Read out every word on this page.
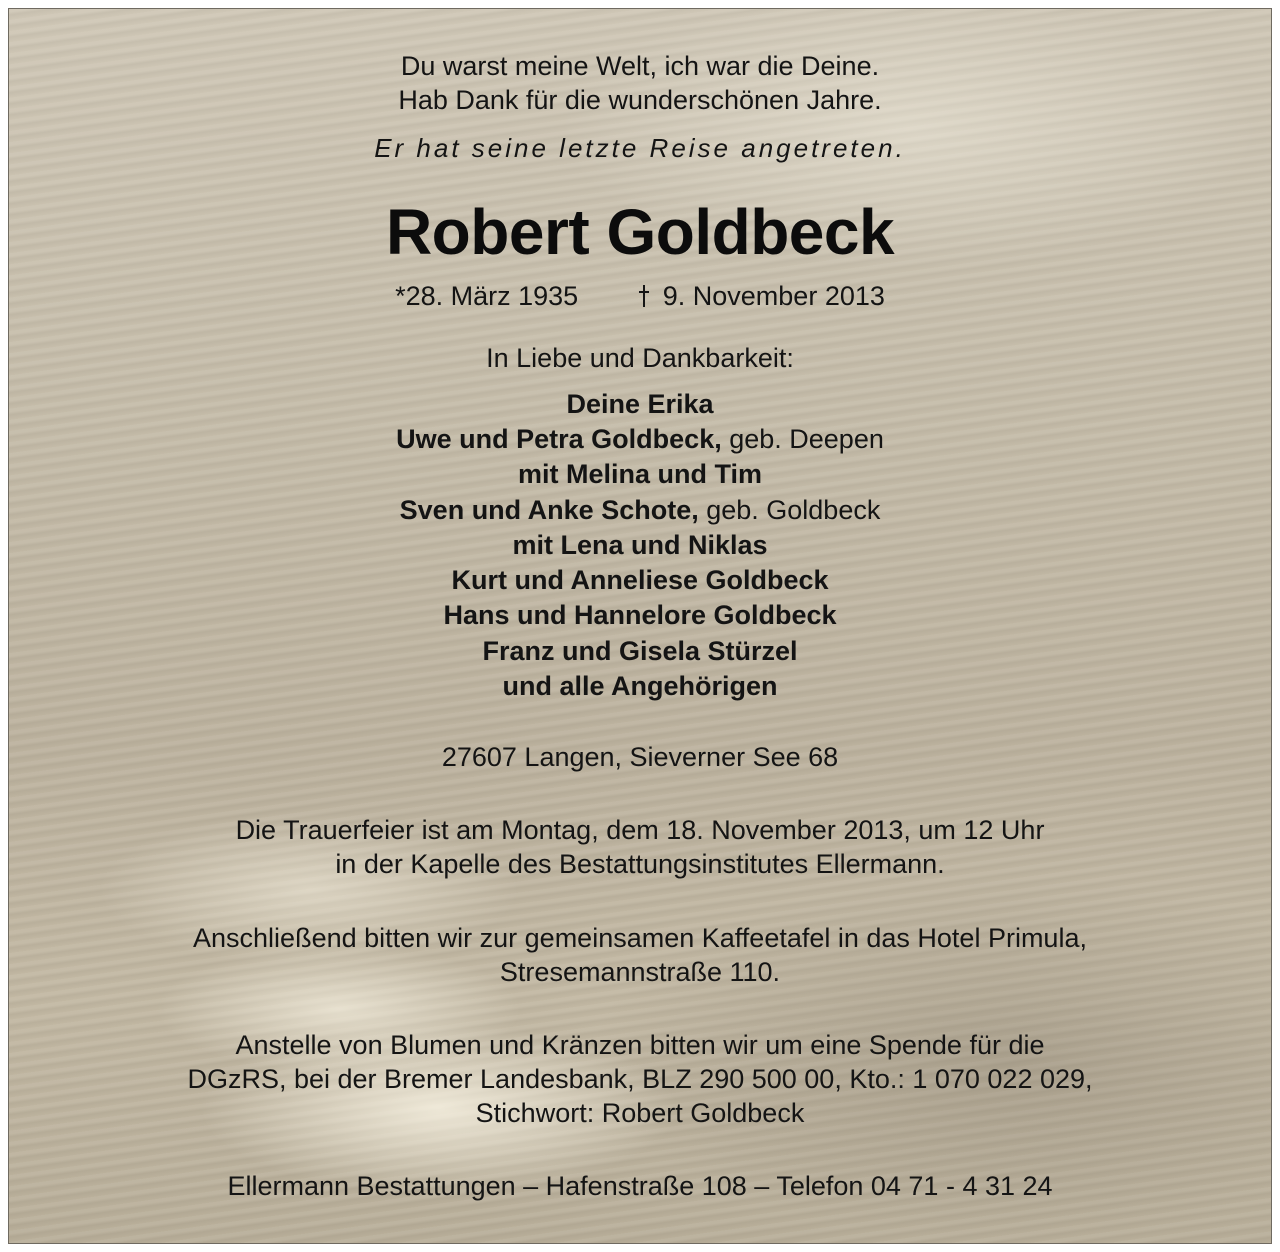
Du warst meine Welt, ich war die Deine.
Hab Dank für die wunderschönen Jahre.
Er hat seine letzte Reise angetreten.
Robert Goldbeck
*28. März 1935	9. November 2013
In Liebe und Dankbarkeit:
Deine Erika
Uwe und Petra Goldbeck, geb. Deepen
mit Melina und Tim
Sven und Anke Schote, geb. Goldbeck
mit Lena und Niklas
Kurt und Anneliese Goldbeck
Hans und Hannelore Goldbeck
Franz und Gisela Stürzel
und alle Angehörigen
27607 Langen, Sieverner See 68
Die Trauerfeier ist am Montag, dem 18. November 2013, um 12 Uhr
in der Kapelle des Bestattungsinstitutes Ellermann.
Anschließend bitten wir zur gemeinsamen Kaffeetafel in das Hotel Primula,
Stresemannstraße 110.
Anstelle von Blumen und Kränzen bitten wir um eine Spende für die
DGzRS, bei der Bremer Landesbank, BLZ 290 500 00, Kto.: 1 070 022 029,
Stichwort: Robert Goldbeck
Ellermann Bestattungen – Hafenstraße 108 – Telefon 04 71 - 4 31 24
